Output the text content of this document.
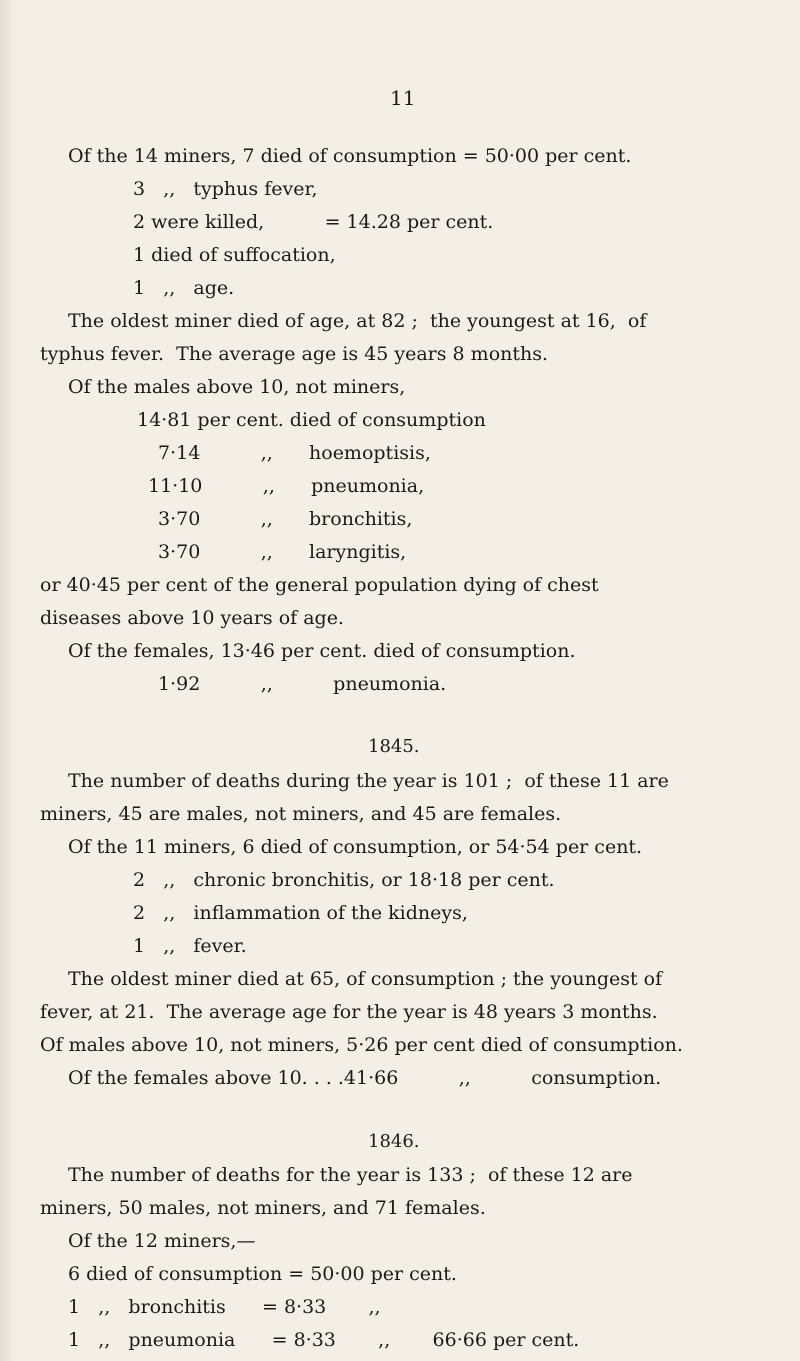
11
Of the 14 miners, 7 died of consumption = 50·00 per cent.
3   ,,   typhus fever,
2 were killed,          = 14.28 per cent.
1 died of suffocation,
1   ,,   age.
The oldest miner died of age, at 82 ;  the youngest at 16,  of
typhus fever.  The average age is 45 years 8 months.
Of the males above 10, not miners,
14·81 per cent. died of consumption
7·14          ,,      hoemoptisis,
11·10          ,,      pneumonia,
3·70          ,,      bronchitis,
3·70          ,,      laryngitis,
or 40·45 per cent of the general population dying of chest
diseases above 10 years of age.
Of the females, 13·46 per cent. died of consumption.
1·92          ,,          pneumonia.
1845.
The number of deaths during the year is 101 ;  of these 11 are
miners, 45 are males, not miners, and 45 are females.
Of the 11 miners, 6 died of consumption, or 54·54 per cent.
2   ,,   chronic bronchitis, or 18·18 per cent.
2   ,,   inflammation of the kidneys,
1   ,,   fever.
The oldest miner died at 65, of consumption ; the youngest of
fever, at 21.  The average age for the year is 48 years 3 months.
Of males above 10, not miners, 5·26 per cent died of consumption.
Of the females above 10. . . .41·66          ,,          consumption.
1846.
The number of deaths for the year is 133 ;  of these 12 are
miners, 50 males, not miners, and 71 females.
Of the 12 miners,—
6 died of consumption = 50·00 per cent.
1   ,,   bronchitis      = 8·33       ,,
1   ,,   pneumonia      = 8·33       ,,       66·66 per cent.
